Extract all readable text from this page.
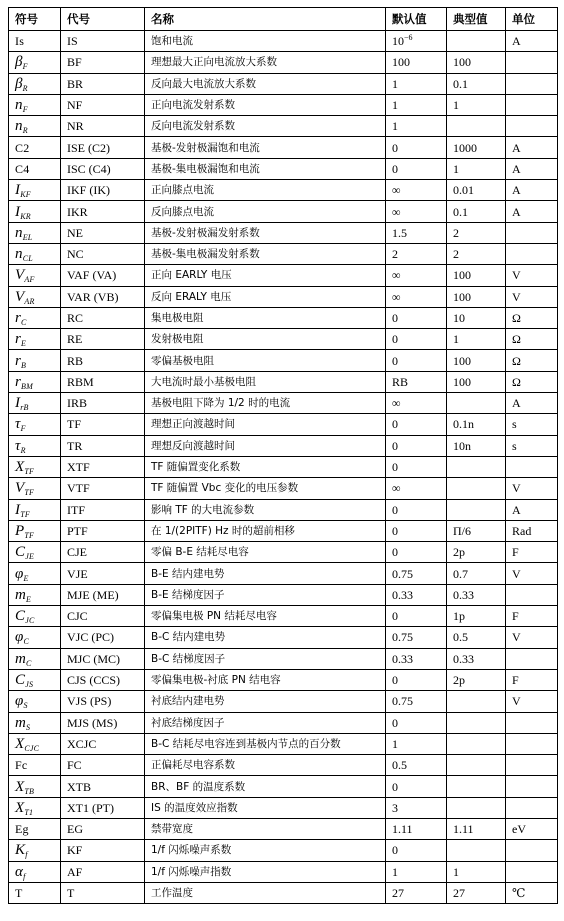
符号	代号	名称	默认值	典型值	单位
Is	IS	饱和电流	$10^{-6}$		A
$\beta_F$	BF	理想最大正向电流放大系数	100	100	
$\beta_R$	BR	反向最大电流放大系数	1	0.1	
$n_F$	NF	正向电流发射系数	1	1	
$n_R$	NR	反向电流发射系数	1		
C2	ISE (C2)	基极-发射极漏饱和电流	0	1000	A
C4	ISC (C4)	基极-集电极漏饱和电流	0	1	A
$I_{KF}$	IKF (IK)	正向膝点电流	∞	0.01	A
$I_{KR}$	IKR	反向膝点电流	∞	0.1	A
$n_{EL}$	NE	基极-发射极漏发射系数	1.5	2	
$n_{CL}$	NC	基极-集电极漏发射系数	2	2	
$V_{AF}$	VAF (VA)	正向 EARLY 电压	∞	100	V
$V_{AR}$	VAR (VB)	反向 ERALY 电压	∞	100	V
$r_C$	RC	集电极电阻	0	10	Ω
$r_E$	RE	发射极电阻	0	1	Ω
$r_B$	RB	零偏基极电阻	0	100	Ω
$r_{BM}$	RBM	大电流时最小基极电阻	RB	100	Ω
$I_{rB}$	IRB	基极电阻下降为 1/2 时的电流	∞		A
$\tau_F$	TF	理想正向渡越时间	0	0.1n	s
$\tau_R$	TR	理想反向渡越时间	0	10n	s
$X_{TF}$	XTF	TF 随偏置变化系数	0		
$V_{TF}$	VTF	TF 随偏置 Vbc 变化的电压参数	∞		V
$I_{TF}$	ITF	影响 TF 的大电流参数	0		A
$P_{TF}$	PTF	在 1/(2PITF) Hz 时的超前相移	0	Π/6	Rad
$C_{JE}$	CJE	零偏 B-E 结耗尽电容	0	2p	F
$\varphi_E$	VJE	B-E 结内建电势	0.75	0.7	V
$m_E$	MJE (ME)	B-E 结梯度因子	0.33	0.33	
$C_{JC}$	CJC	零偏集电极 PN 结耗尽电容	0	1p	F
$\varphi_C$	VJC (PC)	B-C 结内建电势	0.75	0.5	V
$m_C$	MJC (MC)	B-C 结梯度因子	0.33	0.33	
$C_{JS}$	CJS (CCS)	零偏集电极-衬底 PN 结电容	0	2p	F
$\varphi_S$	VJS (PS)	衬底结内建电势	0.75		V
$m_S$	MJS (MS)	衬底结梯度因子	0		
$X_{CJC}$	XCJC	B-C 结耗尽电容连到基极内节点的百分数	1		
Fc	FC	正偏耗尽电容系数	0.5		
$X_{TB}$	XTB	BR、BF 的温度系数	0		
$X_{T1}$	XT1 (PT)	IS 的温度效应指数	3		
Eg	EG	禁带宽度	1.11	1.11	eV
$K_f$	KF	1/f 闪烁噪声系数	0		
$\alpha_f$	AF	1/f 闪烁噪声指数	1	1	
T	T	工作温度	27	27	℃
